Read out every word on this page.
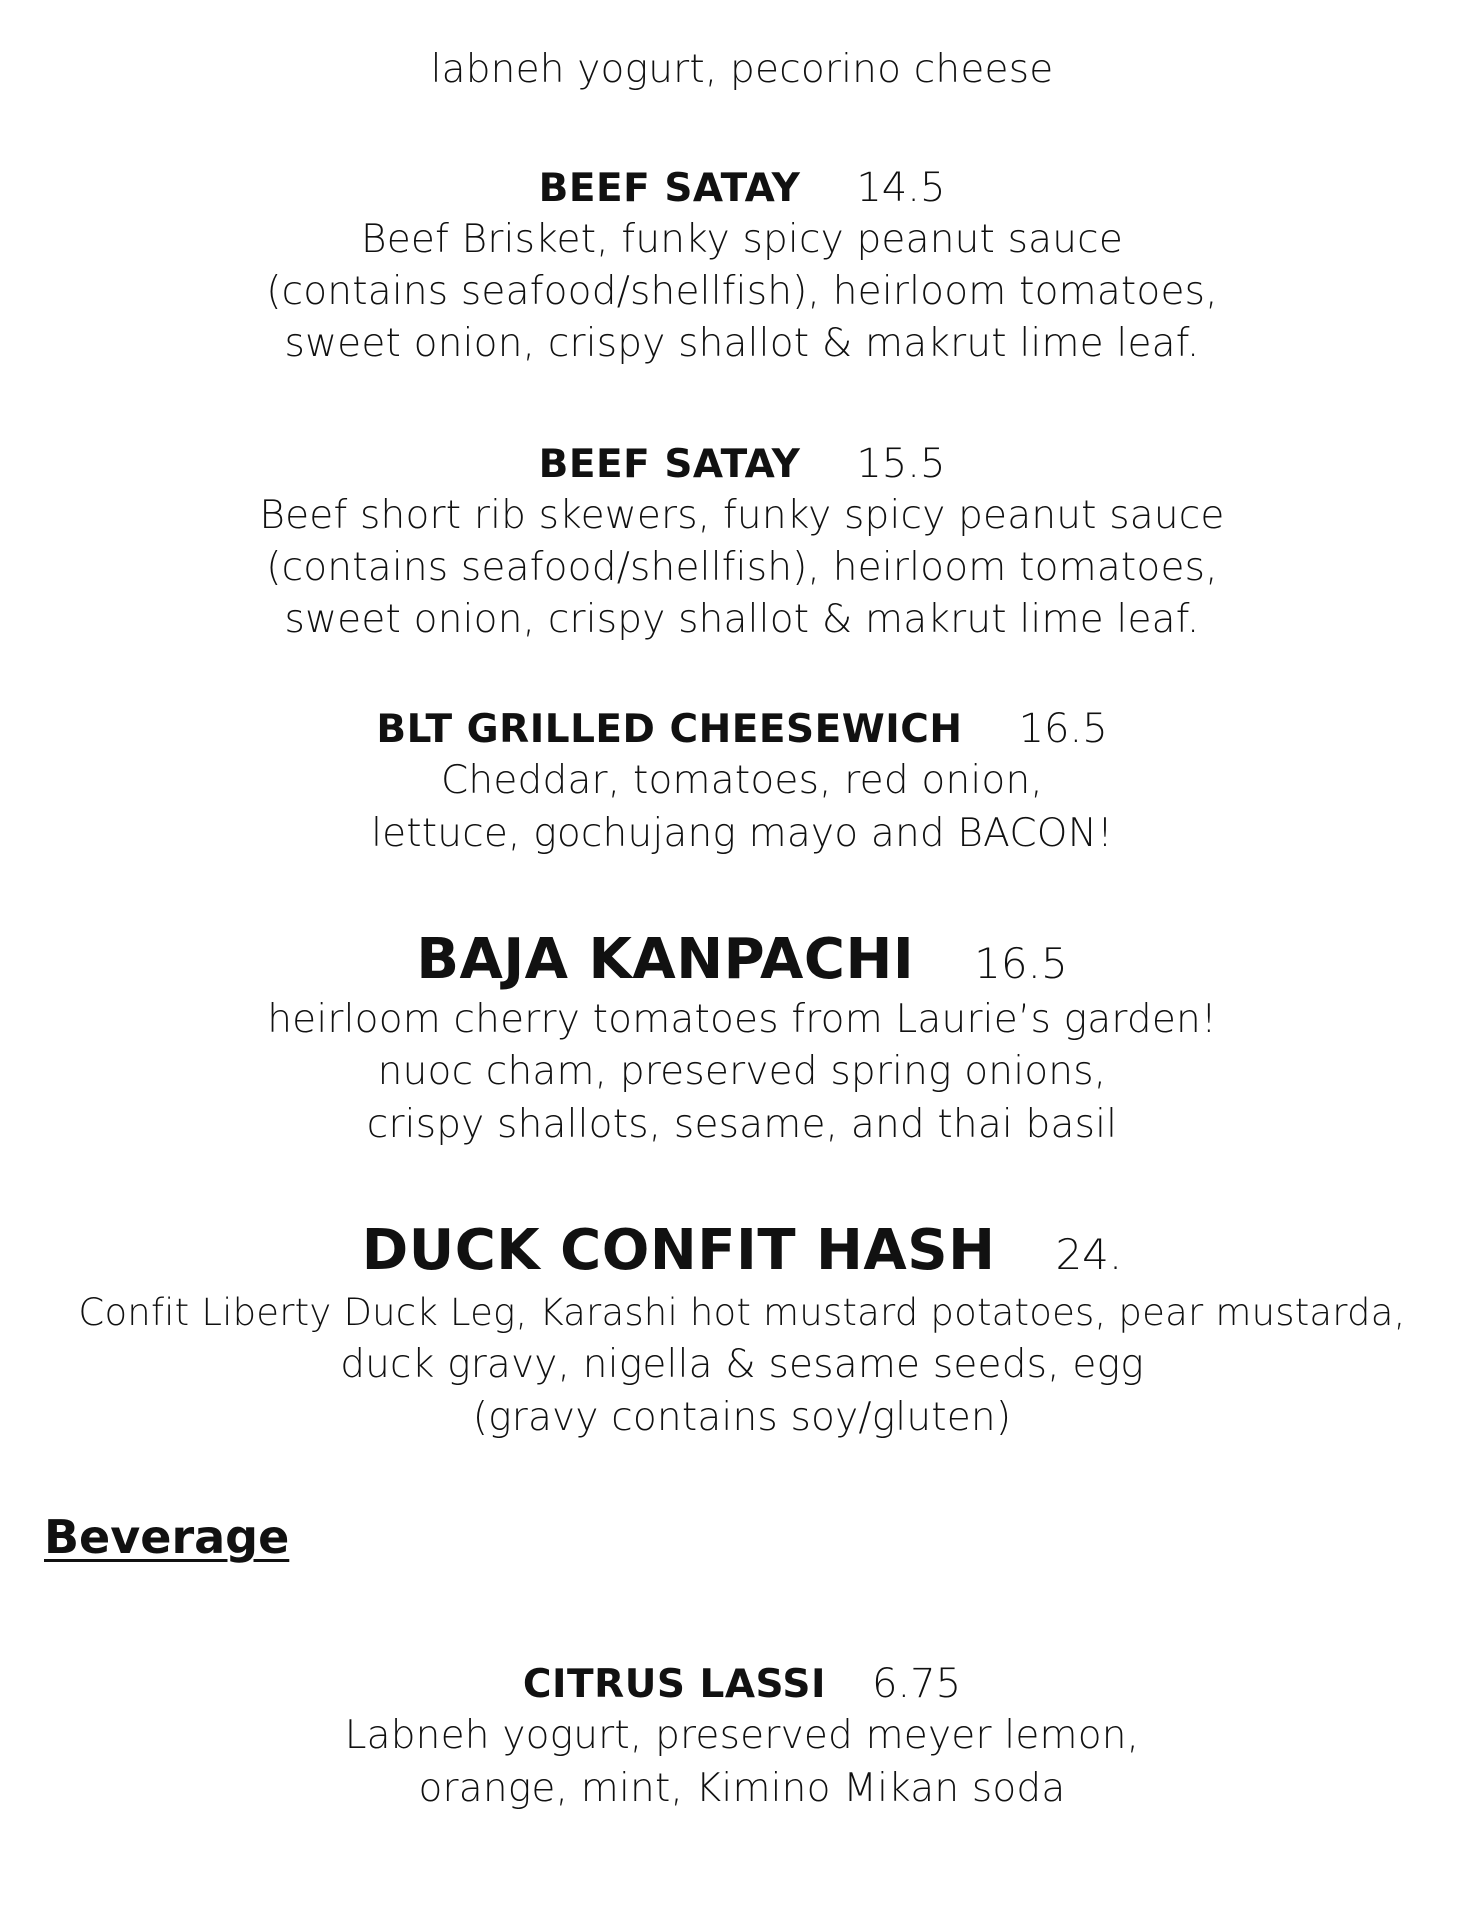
labneh yogurt, pecorino cheese
BEEF SATAY 14.5
Beef Brisket, funky spicy peanut sauce
(contains seafood/shellfish), heirloom tomatoes,
sweet onion, crispy shallot & makrut lime leaf.
BEEF SATAY 15.5
Beef short rib skewers, funky spicy peanut sauce
(contains seafood/shellfish), heirloom tomatoes,
sweet onion, crispy shallot & makrut lime leaf.
BLT GRILLED CHEESEWICH 16.5
Cheddar, tomatoes, red onion,
lettuce, gochujang mayo and BACON!
BAJA KANPACHI 16.5
heirloom cherry tomatoes from Laurie’s garden!
nuoc cham, preserved spring onions,
crispy shallots, sesame, and thai basil
DUCK CONFIT HASH 24.
Confit Liberty Duck Leg, Karashi hot mustard potatoes, pear mustarda,
duck gravy, nigella & sesame seeds, egg
(gravy contains soy/gluten)
Beverage
CITRUS LASSI 6.75
Labneh yogurt, preserved meyer lemon,
orange, mint, Kimino Mikan soda
